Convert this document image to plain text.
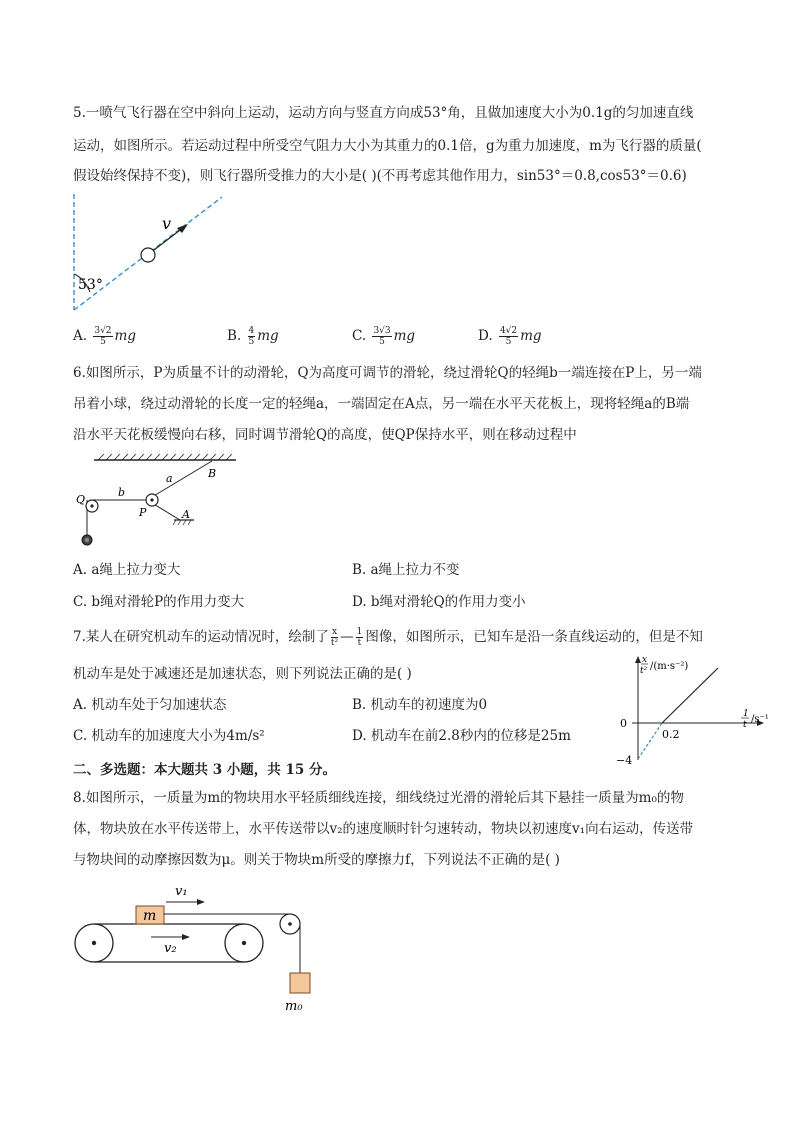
5.一喷气飞行器在空中斜向上运动，运动方向与竖直方向成53°角，且做加速度大小为0.1g的匀加速直线
运动，如图所示。若运动过程中所受空气阻力大小为其重力的0.1倍，g为重力加速度，m为飞行器的质量(
假设始终保持不变)，则飞行器所受推力的大小是( )(不再考虑其他作用力，sin53°＝0.8,cos53°＝0.6)
v
53°
A. $\frac{3√2}{5}$ mg	B. $\frac{4}{5}$ mg	C. $\frac{3√3}{5}$ mg	D. $\frac{4√2}{5}$ mg
6.如图所示，P为质量不计的动滑轮，Q为高度可调节的滑轮，绕过滑轮Q的轻绳b一端连接在P上，另一端
吊着小球，绕过动滑轮的长度一定的轻绳a，一端固定在A点，另一端在水平天花板上，现将轻绳a的B端
沿水平天花板缓慢向右移，同时调节滑轮Q的高度，使QP保持水平，则在移动过程中
Q
b
P
a	B
A
A. a绳上拉力变大	B. a绳上拉力不变
C. b绳对滑轮P的作用力变大	D. b绳对滑轮Q的作用力变小
7.某人在研究机动车的运动情况时，绘制了 $\frac{x}{\text{t²}}$ — $\frac{1}{t}$ 图像，如图所示，已知车是沿一条直线运动的，但是不知
机动车是处于减速还是加速状态，则下列说法正确的是( )
A. 机动车处于匀加速状态	B. 机动车的初速度为0
C. 机动车的加速度大小为4m/s²	D. 机动车在前2.8秒内的位移是25m
x
t² /(m·s⁻²)
1
t /s⁻¹
0
0.2
−4
二、多选题：本大题共 3 小题，共 15 分。
8.如图所示，一质量为m的物块用水平轻质细线连接，细线绕过光滑的滑轮后其下悬挂一质量为m₀的物
体，物块放在水平传送带上，水平传送带以v₂的速度顺时针匀速转动，物块以初速度v₁向右运动，传送带
与物块间的动摩擦因数为μ。则关于物块m所受的摩擦力f，下列说法不正确的是( )
m
m₀
v₁
v₂
